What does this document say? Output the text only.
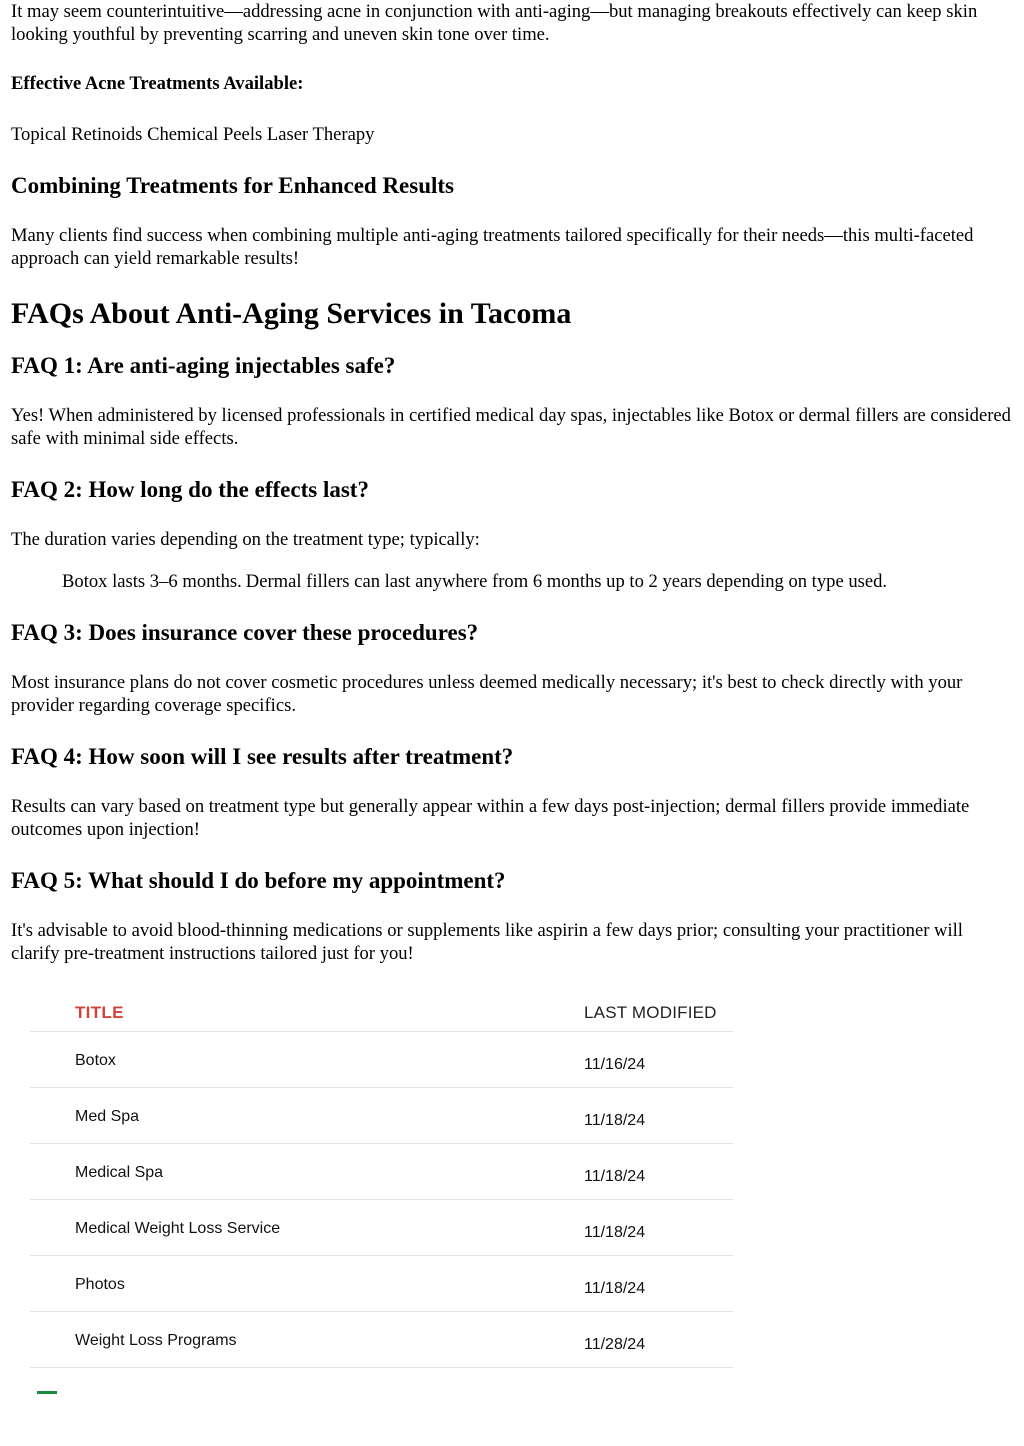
It may seem counterintuitive—addressing acne in conjunction with anti-aging—but managing breakouts effectively can keep skin looking youthful by preventing scarring and uneven skin tone over time.

Effective Acne Treatments Available:

Topical Retinoids Chemical Peels Laser Therapy

Combining Treatments for Enhanced Results

Many clients find success when combining multiple anti-aging treatments tailored specifically for their needs—this multi-faceted approach can yield remarkable results!

FAQs About Anti-Aging Services in Tacoma
FAQ 1: Are anti-aging injectables safe?

Yes! When administered by licensed professionals in certified medical day spas, injectables like Botox or dermal fillers are considered safe with minimal side effects.

FAQ 2: How long do the effects last?

The duration varies depending on the treatment type; typically:

Botox lasts 3–6 months. Dermal fillers can last anywhere from 6 months up to 2 years depending on type used.
FAQ 3: Does insurance cover these procedures?

Most insurance plans do not cover cosmetic procedures unless deemed medically necessary; it's best to check directly with your provider regarding coverage specifics.

FAQ 4: How soon will I see results after treatment?

Results can vary based on treatment type but generally appear within a few days post-injection; dermal fillers provide immediate outcomes upon injection!

FAQ 5: What should I do before my appointment?

It's advisable to avoid blood-thinning medications or supplements like aspirin a few days prior; consulting your practitioner will clarify pre-treatment instructions tailored just for you!

TITLE	LAST MODIFIED
Botox	11/16/24
Med Spa	11/18/24
Medical Spa	11/18/24
Medical Weight Loss Service	11/18/24
Photos	11/18/24
Weight Loss Programs	11/28/24
